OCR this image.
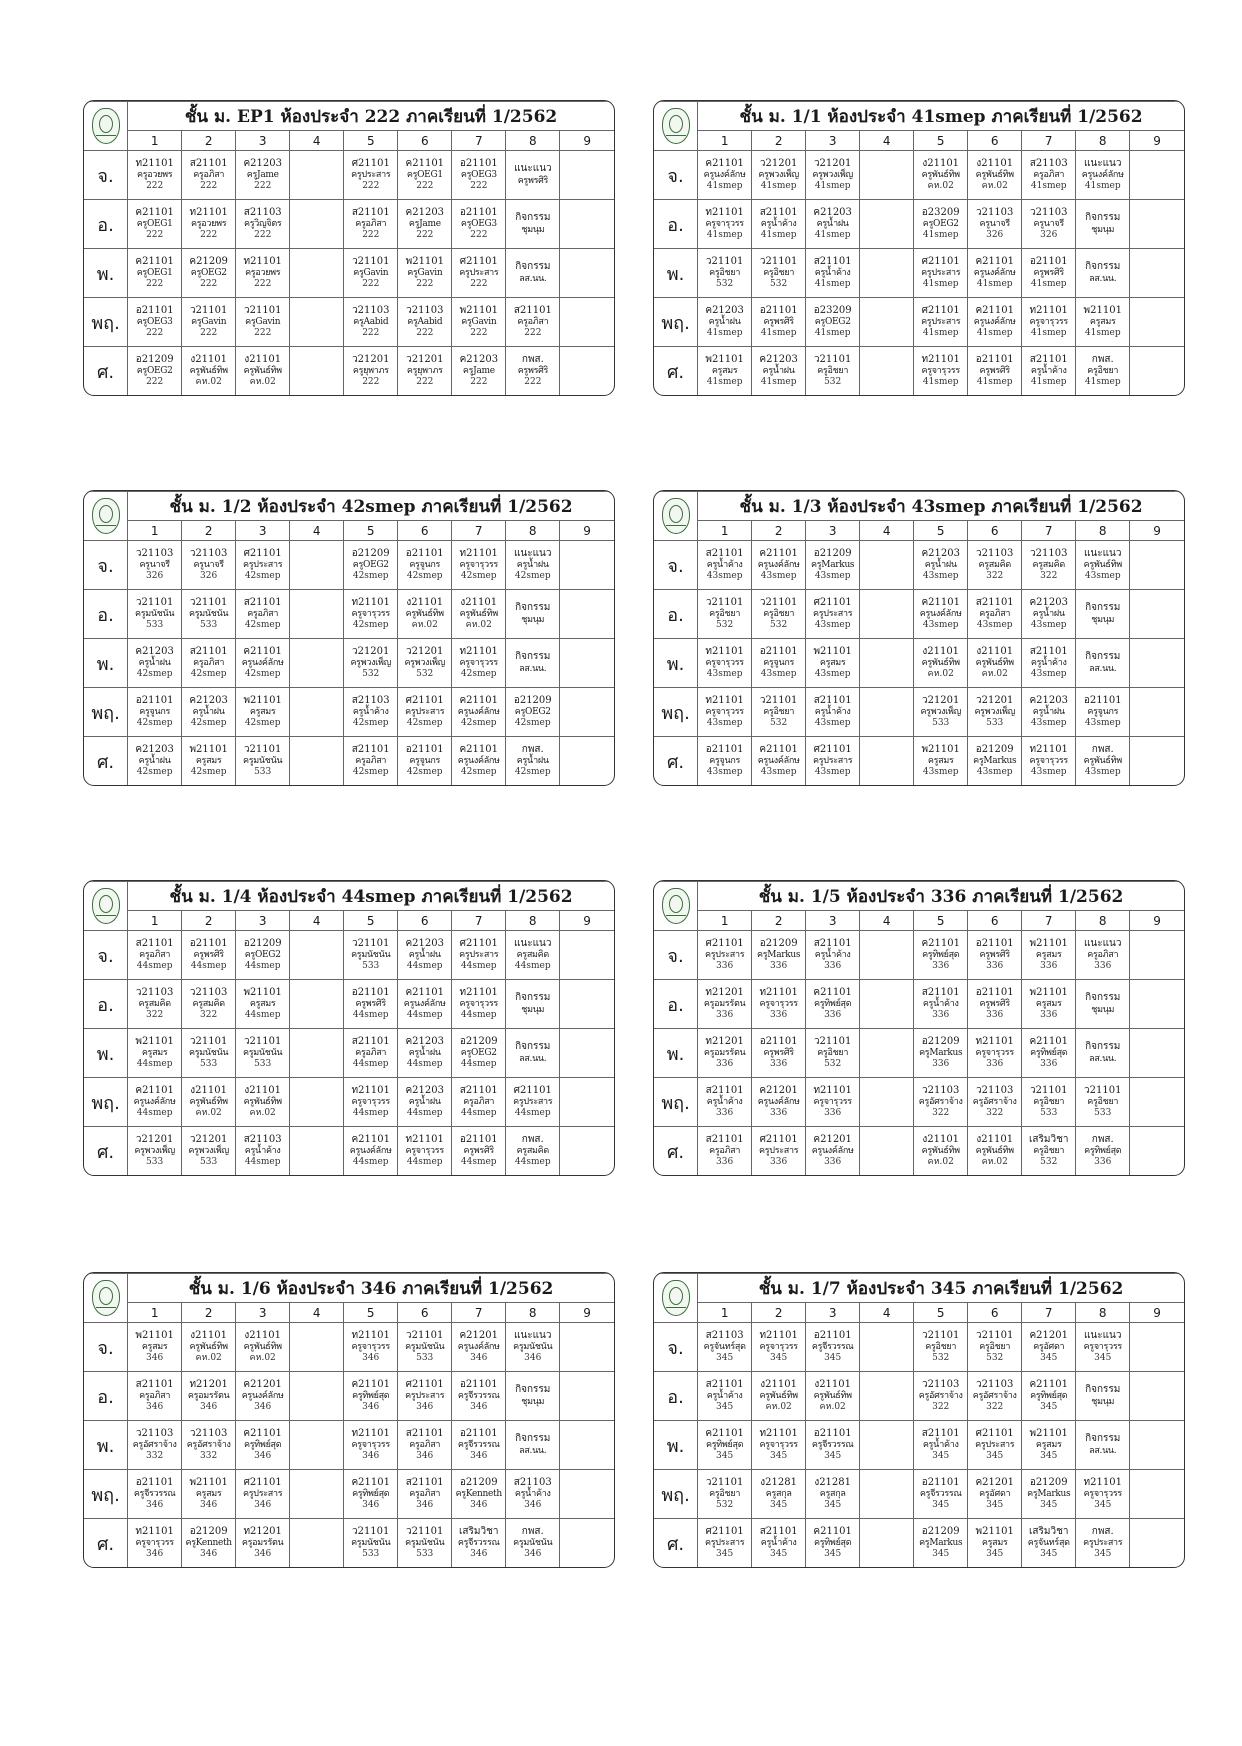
	ชั้น ม. EP1 ห้องประจำ 222 ภาคเรียนที่ 1/2562								
	1	2	3	4	5	6	7	8	9
จ.	ท21101
ครูอวยพร
222	ส21101
ครูอภิสา
222	ค21203
ครูJame
222		ศ21101
ครูประสาร
222	ค21101
ครูOEG1
222	อ21101
ครูOEG3
222	แนะแนว
ครูพรศิริ	

อ.	ค21101
ครูOEG1
222	ท21101
ครูอวยพร
222	ส21103
ครูวิญจิตร
222		ส21101
ครูอภิสา
222	ค21203
ครูJame
222	อ21101
ครูOEG3
222	กิจกรรม
ชุมนุม	

พ.	ค21101
ครูOEG1
222	ค21209
ครูOEG2
222	ท21101
ครูอวยพร
222		ว21101
ครูGavin
222	พ21101
ครูGavin
222	ศ21101
ครูประสาร
222	กิจกรรม
ลส.นน.	

พฤ.	อ21101
ครูOEG3
222	ว21101
ครูGavin
222	ว21101
ครูGavin
222		ว21103
ครูAabid
222	ว21103
ครูAabid
222	พ21101
ครูGavin
222	ส21101
ครูอภิสา
222	

ศ.	อ21209
ครูOEG2
222	ง21101
ครูพันธ์ทิพ
คห.02	ง21101
ครูพันธ์ทิพ
คห.02		ว21201
ครูยุพาภร
222	ว21201
ครูยุพาภร
222	ค21203
ครูJame
222	กพส.
ครูพรศิริ
222	

	ชั้น ม. 1/1 ห้องประจำ 41smep ภาคเรียนที่ 1/2562								
	1	2	3	4	5	6	7	8	9
จ.	ค21101
ครูนงค์ลักษ
41smep	ว21201
ครูพวงเพ็ญ
41smep	ว21201
ครูพวงเพ็ญ
41smep		ง21101
ครูพันธ์ทิพ
คห.02	ง21101
ครูพันธ์ทิพ
คห.02	ส21103
ครูอภิสา
41smep	แนะแนว
ครูนงค์ลักษ
41smep	

อ.	ท21101
ครูจารุวรร
41smep	ส21101
ครูน้ำค้าง
41smep	ค21203
ครูน้ำฝน
41smep		อ23209
ครูOEG2
41smep	ว21103
ครูนาจรี
326	ว21103
ครูนาจรี
326	กิจกรรม
ชุมนุม	

พ.	ว21101
ครูอิชยา
532	ว21101
ครูอิชยา
532	ส21101
ครูน้ำค้าง
41smep		ศ21101
ครูประสาร
41smep	ค21101
ครูนงค์ลักษ
41smep	อ21101
ครูพรศิริ
41smep	กิจกรรม
ลส.นน.	

พฤ.	ค21203
ครูน้ำฝน
41smep	อ21101
ครูพรศิริ
41smep	อ23209
ครูOEG2
41smep		ศ21101
ครูประสาร
41smep	ค21101
ครูนงค์ลักษ
41smep	ท21101
ครูจารุวรร
41smep	พ21101
ครูสมร
41smep	

ศ.	พ21101
ครูสมร
41smep	ค21203
ครูน้ำฝน
41smep	ว21101
ครูอิชยา
532		ท21101
ครูจารุวรร
41smep	อ21101
ครูพรศิริ
41smep	ส21101
ครูน้ำค้าง
41smep	กพส.
ครูอิชยา
41smep	

	ชั้น ม. 1/2 ห้องประจำ 42smep ภาคเรียนที่ 1/2562								
	1	2	3	4	5	6	7	8	9
จ.	ว21103
ครูนาจรี
326	ว21103
ครูนาจรี
326	ศ21101
ครูประสาร
42smep		อ21209
ครูOEG2
42smep	อ21101
ครูจูนกร
42smep	ท21101
ครูจารุวรร
42smep	แนะแนว
ครูน้ำฝน
42smep	

อ.	ว21101
ครูมนัชนัน
533	ว21101
ครูมนัชนัน
533	ส21101
ครูอภิสา
42smep		ท21101
ครูจารุวรร
42smep	ง21101
ครูพันธ์ทิพ
คห.02	ง21101
ครูพันธ์ทิพ
คห.02	กิจกรรม
ชุมนุม	

พ.	ค21203
ครูน้ำฝน
42smep	ส21101
ครูอภิสา
42smep	ค21101
ครูนงค์ลักษ
42smep		ว21201
ครูพวงเพ็ญ
532	ว21201
ครูพวงเพ็ญ
532	ท21101
ครูจารุวรร
42smep	กิจกรรม
ลส.นน.	

พฤ.	อ21101
ครูจูนกร
42smep	ค21203
ครูน้ำฝน
42smep	พ21101
ครูสมร
42smep		ส21103
ครูน้ำค้าง
42smep	ศ21101
ครูประสาร
42smep	ค21101
ครูนงค์ลักษ
42smep	อ21209
ครูOEG2
42smep	

ศ.	ค21203
ครูน้ำฝน
42smep	พ21101
ครูสมร
42smep	ว21101
ครูมนัชนัน
533		ส21101
ครูอภิสา
42smep	อ21101
ครูจูนกร
42smep	ค21101
ครูนงค์ลักษ
42smep	กพส.
ครูน้ำฝน
42smep	

	ชั้น ม. 1/3 ห้องประจำ 43smep ภาคเรียนที่ 1/2562								
	1	2	3	4	5	6	7	8	9
จ.	ส21101
ครูน้ำค้าง
43smep	ค21101
ครูนงค์ลักษ
43smep	อ21209
ครูMarkus
43smep		ค21203
ครูน้ำฝน
43smep	ว21103
ครูสมคิด
322	ว21103
ครูสมคิด
322	แนะแนว
ครูพันธ์ทิพ
43smep	

อ.	ว21101
ครูอิชยา
532	ว21101
ครูอิชยา
532	ศ21101
ครูประสาร
43smep		ค21101
ครูนงค์ลักษ
43smep	ส21101
ครูอภิสา
43smep	ค21203
ครูน้ำฝน
43smep	กิจกรรม
ชุมนุม	

พ.	ท21101
ครูจารุวรร
43smep	อ21101
ครูจูนกร
43smep	พ21101
ครูสมร
43smep		ง21101
ครูพันธ์ทิพ
คห.02	ง21101
ครูพันธ์ทิพ
คห.02	ส21101
ครูน้ำค้าง
43smep	กิจกรรม
ลส.นน.	

พฤ.	ท21101
ครูจารุวรร
43smep	ว21101
ครูอิชยา
532	ส21101
ครูน้ำค้าง
43smep		ว21201
ครูพวงเพ็ญ
533	ว21201
ครูพวงเพ็ญ
533	ค21203
ครูน้ำฝน
43smep	อ21101
ครูจูนกร
43smep	

ศ.	อ21101
ครูจูนกร
43smep	ค21101
ครูนงค์ลักษ
43smep	ศ21101
ครูประสาร
43smep		พ21101
ครูสมร
43smep	อ21209
ครูMarkus
43smep	ท21101
ครูจารุวรร
43smep	กพส.
ครูพันธ์ทิพ
43smep	

	ชั้น ม. 1/4 ห้องประจำ 44smep ภาคเรียนที่ 1/2562								
	1	2	3	4	5	6	7	8	9
จ.	ส21101
ครูอภิสา
44smep	อ21101
ครูพรศิริ
44smep	อ21209
ครูOEG2
44smep		ว21101
ครูมนัชนัน
533	ค21203
ครูน้ำฝน
44smep	ศ21101
ครูประสาร
44smep	แนะแนว
ครูสมคิด
44smep	

อ.	ว21103
ครูสมคิด
322	ว21103
ครูสมคิด
322	พ21101
ครูสมร
44smep		อ21101
ครูพรศิริ
44smep	ค21101
ครูนงค์ลักษ
44smep	ท21101
ครูจารุวรร
44smep	กิจกรรม
ชุมนุม	

พ.	พ21101
ครูสมร
44smep	ว21101
ครูมนัชนัน
533	ว21101
ครูมนัชนัน
533		ส21101
ครูอภิสา
44smep	ค21203
ครูน้ำฝน
44smep	อ21209
ครูOEG2
44smep	กิจกรรม
ลส.นน.	

พฤ.	ค21101
ครูนงค์ลักษ
44smep	ง21101
ครูพันธ์ทิพ
คห.02	ง21101
ครูพันธ์ทิพ
คห.02		ท21101
ครูจารุวรร
44smep	ค21203
ครูน้ำฝน
44smep	ส21101
ครูอภิสา
44smep	ศ21101
ครูประสาร
44smep	

ศ.	ว21201
ครูพวงเพ็ญ
533	ว21201
ครูพวงเพ็ญ
533	ส21103
ครูน้ำค้าง
44smep		ค21101
ครูนงค์ลักษ
44smep	ท21101
ครูจารุวรร
44smep	อ21101
ครูพรศิริ
44smep	กพส.
ครูสมคิด
44smep	

	ชั้น ม. 1/5 ห้องประจำ 336 ภาคเรียนที่ 1/2562								
	1	2	3	4	5	6	7	8	9
จ.	ศ21101
ครูประสาร
336	อ21209
ครูMarkus
336	ส21101
ครูน้ำค้าง
336		ค21101
ครูทิพย์สุด
336	อ21101
ครูพรศิริ
336	พ21101
ครูสมร
336	แนะแนว
ครูอภิสา
336	

อ.	ท21201
ครูอมรรัตน
336	ท21101
ครูจารุวรร
336	ค21101
ครูทิพย์สุด
336		ส21101
ครูน้ำค้าง
336	อ21101
ครูพรศิริ
336	พ21101
ครูสมร
336	กิจกรรม
ชุมนุม	

พ.	ท21201
ครูอมรรัตน
336	อ21101
ครูพรศิริ
336	ว21101
ครูอิชยา
532		อ21209
ครูMarkus
336	ท21101
ครูจารุวรร
336	ค21101
ครูทิพย์สุด
336	กิจกรรม
ลส.นน.	

พฤ.	ส21101
ครูน้ำค้าง
336	ค21201
ครูนงค์ลักษ
336	ท21101
ครูจารุวรร
336		ว21103
ครูอัศราจ้าง
322	ว21103
ครูอัศราจ้าง
322	ว21101
ครูอิชยา
533	ว21101
ครูอิชยา
533	

ศ.	ส21101
ครูอภิสา
336	ศ21101
ครูประสาร
336	ค21201
ครูนงค์ลักษ
336		ง21101
ครูพันธ์ทิพ
คห.02	ง21101
ครูพันธ์ทิพ
คห.02	เสริมวิชา
ครูอิชยา
532	กพส.
ครูทิพย์สุด
336	

	ชั้น ม. 1/6 ห้องประจำ 346 ภาคเรียนที่ 1/2562								
	1	2	3	4	5	6	7	8	9
จ.	พ21101
ครูสมร
346	ง21101
ครูพันธ์ทิพ
คห.02	ง21101
ครูพันธ์ทิพ
คห.02		ท21101
ครูจารุวรร
346	ว21101
ครูมนัชนัน
533	ค21201
ครูนงค์ลักษ
346	แนะแนว
ครูมนัชนัน
346	

อ.	ส21101
ครูอภิสา
346	ท21201
ครูอมรรัตน
346	ค21201
ครูนงค์ลักษ
346		ค21101
ครูทิพย์สุด
346	ศ21101
ครูประสาร
346	อ21101
ครูจีรวรรณ
346	กิจกรรม
ชุมนุม	

พ.	ว21103
ครูอัศราจ้าง
332	ว21103
ครูอัศราจ้าง
332	ค21101
ครูทิพย์สุด
346		ท21101
ครูจารุวรร
346	ส21101
ครูอภิสา
346	อ21101
ครูจีรวรรณ
346	กิจกรรม
ลส.นน.	

พฤ.	อ21101
ครูจีรวรรณ
346	พ21101
ครูสมร
346	ศ21101
ครูประสาร
346		ค21101
ครูทิพย์สุด
346	ส21101
ครูอภิสา
346	อ21209
ครูKenneth
346	ส21103
ครูน้ำค้าง
346	

ศ.	ท21101
ครูจารุวรร
346	อ21209
ครูKenneth
346	ท21201
ครูอมรรัตน
346		ว21101
ครูมนัชนัน
533	ว21101
ครูมนัชนัน
533	เสริมวิชา
ครูจีรวรรณ
346	กพส.
ครูมนัชนัน
346	

	ชั้น ม. 1/7 ห้องประจำ 345 ภาคเรียนที่ 1/2562								
	1	2	3	4	5	6	7	8	9
จ.	ส21103
ครูจันทร์สุด
345	ท21101
ครูจารุวรร
345	อ21101
ครูจีรวรรณ
345		ว21101
ครูอิชยา
532	ว21101
ครูอิชยา
532	ค21201
ครูอัศดา
345	แนะแนว
ครูจารุวรร
345	

อ.	ส21101
ครูน้ำค้าง
345	ง21101
ครูพันธ์ทิพ
คห.02	ง21101
ครูพันธ์ทิพ
คห.02		ว21103
ครูอัศราจ้าง
322	ว21103
ครูอัศราจ้าง
322	ค21101
ครูทิพย์สุด
345	กิจกรรม
ชุมนุม	

พ.	ค21101
ครูทิพย์สุด
345	ท21101
ครูจารุวรร
345	อ21101
ครูจีรวรรณ
345		ส21101
ครูน้ำค้าง
345	ศ21101
ครูประสาร
345	พ21101
ครูสมร
345	กิจกรรม
ลส.นน.	

พฤ.	ว21101
ครูอิชยา
532	ง21281
ครูสกุล
345	ง21281
ครูสกุล
345		อ21101
ครูจีรวรรณ
345	ค21201
ครูอัศดา
345	อ21209
ครูMarkus
345	ท21101
ครูจารุวรร
345	

ศ.	ศ21101
ครูประสาร
345	ส21101
ครูน้ำค้าง
345	ค21101
ครูทิพย์สุด
345		อ21209
ครูMarkus
345	พ21101
ครูสมร
345	เสริมวิชา
ครูจันทร์สุด
345	กพส.
ครูประสาร
345	
